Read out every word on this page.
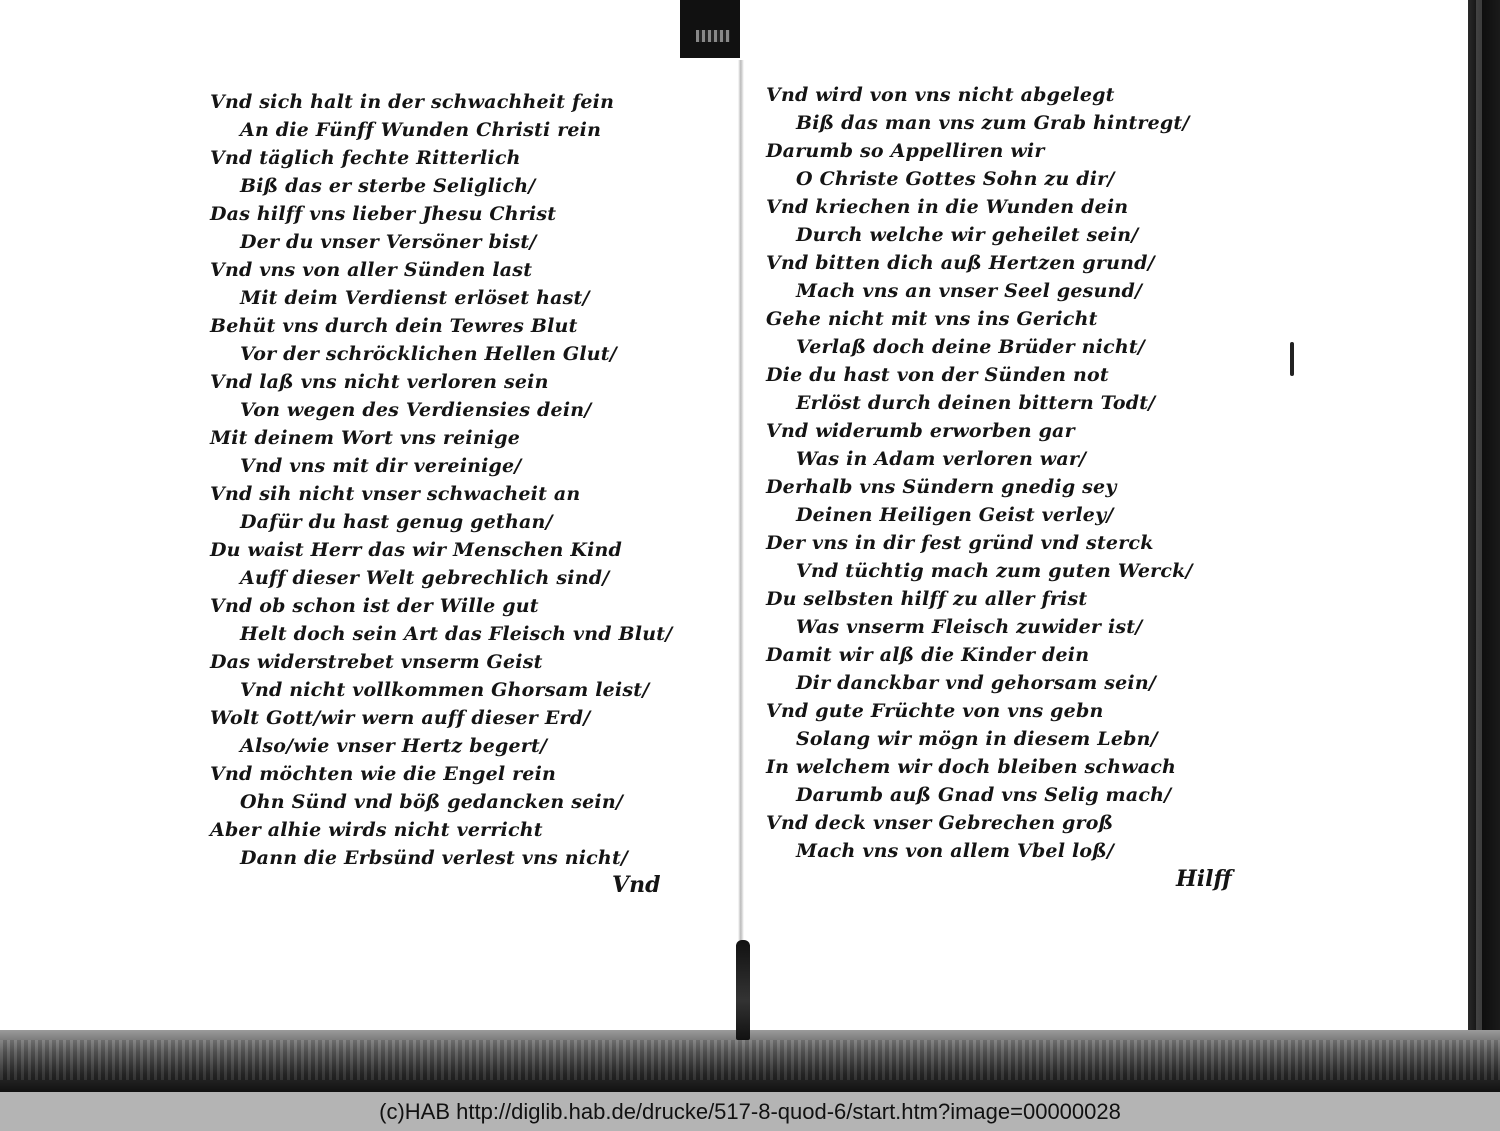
Vnd sich halt in der schwachheit fein
An die Fünff Wunden Christi rein
Vnd täglich fechte Ritterlich
Biß das er sterbe Seliglich/
Das hilff vns lieber Jhesu Christ
Der du vnser Versöner bist/
Vnd vns von aller Sünden last
Mit deim Verdienst erlöset hast/
Behüt vns durch dein Tewres Blut
Vor der schröcklichen Hellen Glut/
Vnd laß vns nicht verloren sein
Von wegen des Verdiensies dein/
Mit deinem Wort vns reinige
Vnd vns mit dir vereinige/
Vnd sih nicht vnser schwacheit an
Dafür du hast genug gethan/
Du waist Herr das wir Menschen Kind
Auff dieser Welt gebrechlich sind/
Vnd ob schon ist der Wille gut
Helt doch sein Art das Fleisch vnd Blut/
Das widerstrebet vnserm Geist
Vnd nicht vollkommen Ghorsam leist/
Wolt Gott/wir wern auff dieser Erd/
Also/wie vnser Hertz begert/
Vnd möchten wie die Engel rein
Ohn Sünd vnd böß gedancken sein/
Aber alhie wirds nicht verricht
Dann die Erbsünd verlest vns nicht/
Vnd
Vnd wird von vns nicht abgelegt
Biß das man vns zum Grab hintregt/
Darumb so Appelliren wir
O Christe Gottes Sohn zu dir/
Vnd kriechen in die Wunden dein
Durch welche wir geheilet sein/
Vnd bitten dich auß Hertzen grund/
Mach vns an vnser Seel gesund/
Gehe nicht mit vns ins Gericht
Verlaß doch deine Brüder nicht/
Die du hast von der Sünden not
Erlöst durch deinen bittern Todt/
Vnd widerumb erworben gar
Was in Adam verloren war/
Derhalb vns Sündern gnedig sey
Deinen Heiligen Geist verley/
Der vns in dir fest gründ vnd sterck
Vnd tüchtig mach zum guten Werck/
Du selbsten hilff zu aller frist
Was vnserm Fleisch zuwider ist/
Damit wir alß die Kinder dein
Dir danckbar vnd gehorsam sein/
Vnd gute Früchte von vns gebn
Solang wir mögn in diesem Lebn/
In welchem wir doch bleiben schwach
Darumb auß Gnad vns Selig mach/
Vnd deck vnser Gebrechen groß
Mach vns von allem Vbel loß/
Hilff
(c)HAB http://diglib.hab.de/drucke/517-8-quod-6/start.htm?image=00000028
